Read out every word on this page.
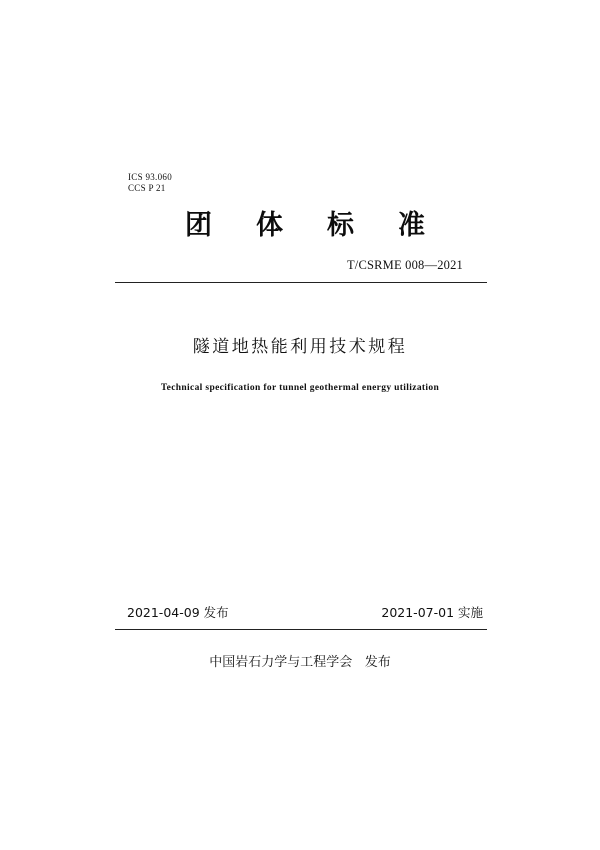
ICS 93.060
CCS P 21
团 体 标 准
T/CSRME 008—2021
隧道地热能利用技术规程
Technical specification for tunnel geothermal energy utilization
2021-04-09 发布	2021-07-01 实施
中国岩石力学与工程学会   发布
